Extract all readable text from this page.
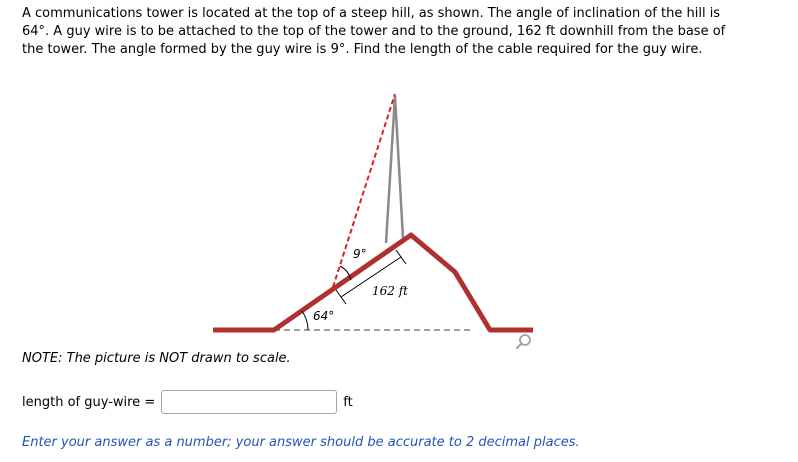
A communications tower is located at the top of a steep hill, as shown. The angle of inclination of the hill is 64°. A guy wire is to be attached to the top of the tower and to the ground, 162 ft downhill from the base of the tower. The angle formed by the guy wire is 9°. Find the length of the cable required for the guy wire.

64°
9°
162 ft

NOTE: The picture is NOT drawn to scale.

length of guy-wire =	ft

Enter your answer as a number; your answer should be accurate to 2 decimal places.
